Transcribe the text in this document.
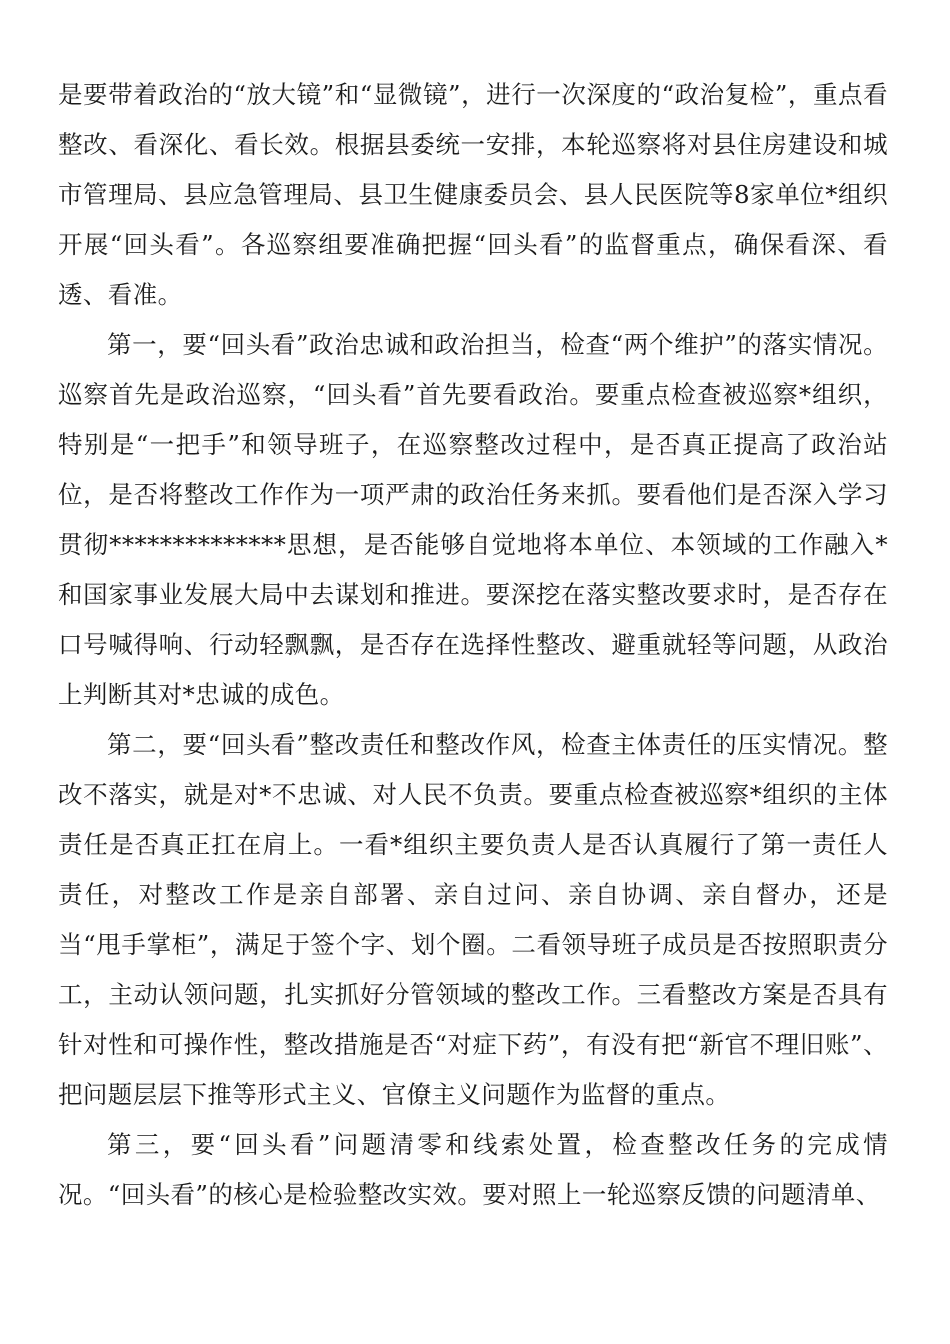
是要带着政治的“放大镜”和“显微镜”，进行一次深度的“政治复检”，重点看整改、看深化、看长效。根据县委统一安排，本轮巡察将对县住房建设和城市管理局、县应急管理局、县卫生健康委员会、县人民医院等8家单位*组织开展“回头看”。各巡察组要准确把握“回头看”的监督重点，确保看深、看透、看准。

第一，要“回头看”政治忠诚和政治担当，检查“两个维护”的落实情况。巡察首先是政治巡察，“回头看”首先要看政治。要重点检查被巡察*组织，特别是“一把手”和领导班子，在巡察整改过程中，是否真正提高了政治站位，是否将整改工作作为一项严肃的政治任务来抓。要看他们是否深入学习贯彻**************思想，是否能够自觉地将本单位、本领域的工作融入*和国家事业发展大局中去谋划和推进。要深挖在落实整改要求时，是否存在口号喊得响、行动轻飘飘，是否存在选择性整改、避重就轻等问题，从政治上判断其对*忠诚的成色。

第二，要“回头看”整改责任和整改作风，检查主体责任的压实情况。整改不落实，就是对*不忠诚、对人民不负责。要重点检查被巡察*组织的主体责任是否真正扛在肩上。一看*组织主要负责人是否认真履行了第一责任人责任，对整改工作是亲自部署、亲自过问、亲自协调、亲自督办，还是当“甩手掌柜”，满足于签个字、划个圈。二看领导班子成员是否按照职责分工，主动认领问题，扎实抓好分管领域的整改工作。三看整改方案是否具有针对性和可操作性，整改措施是否“对症下药”，有没有把“新官不理旧账”、把问题层层下推等形式主义、官僚主义问题作为监督的重点。

第三，要“回头看”问题清零和线索处置，检查整改任务的完成情况。“回头看”的核心是检验整改实效。要对照上一轮巡察反馈的问题清单、
